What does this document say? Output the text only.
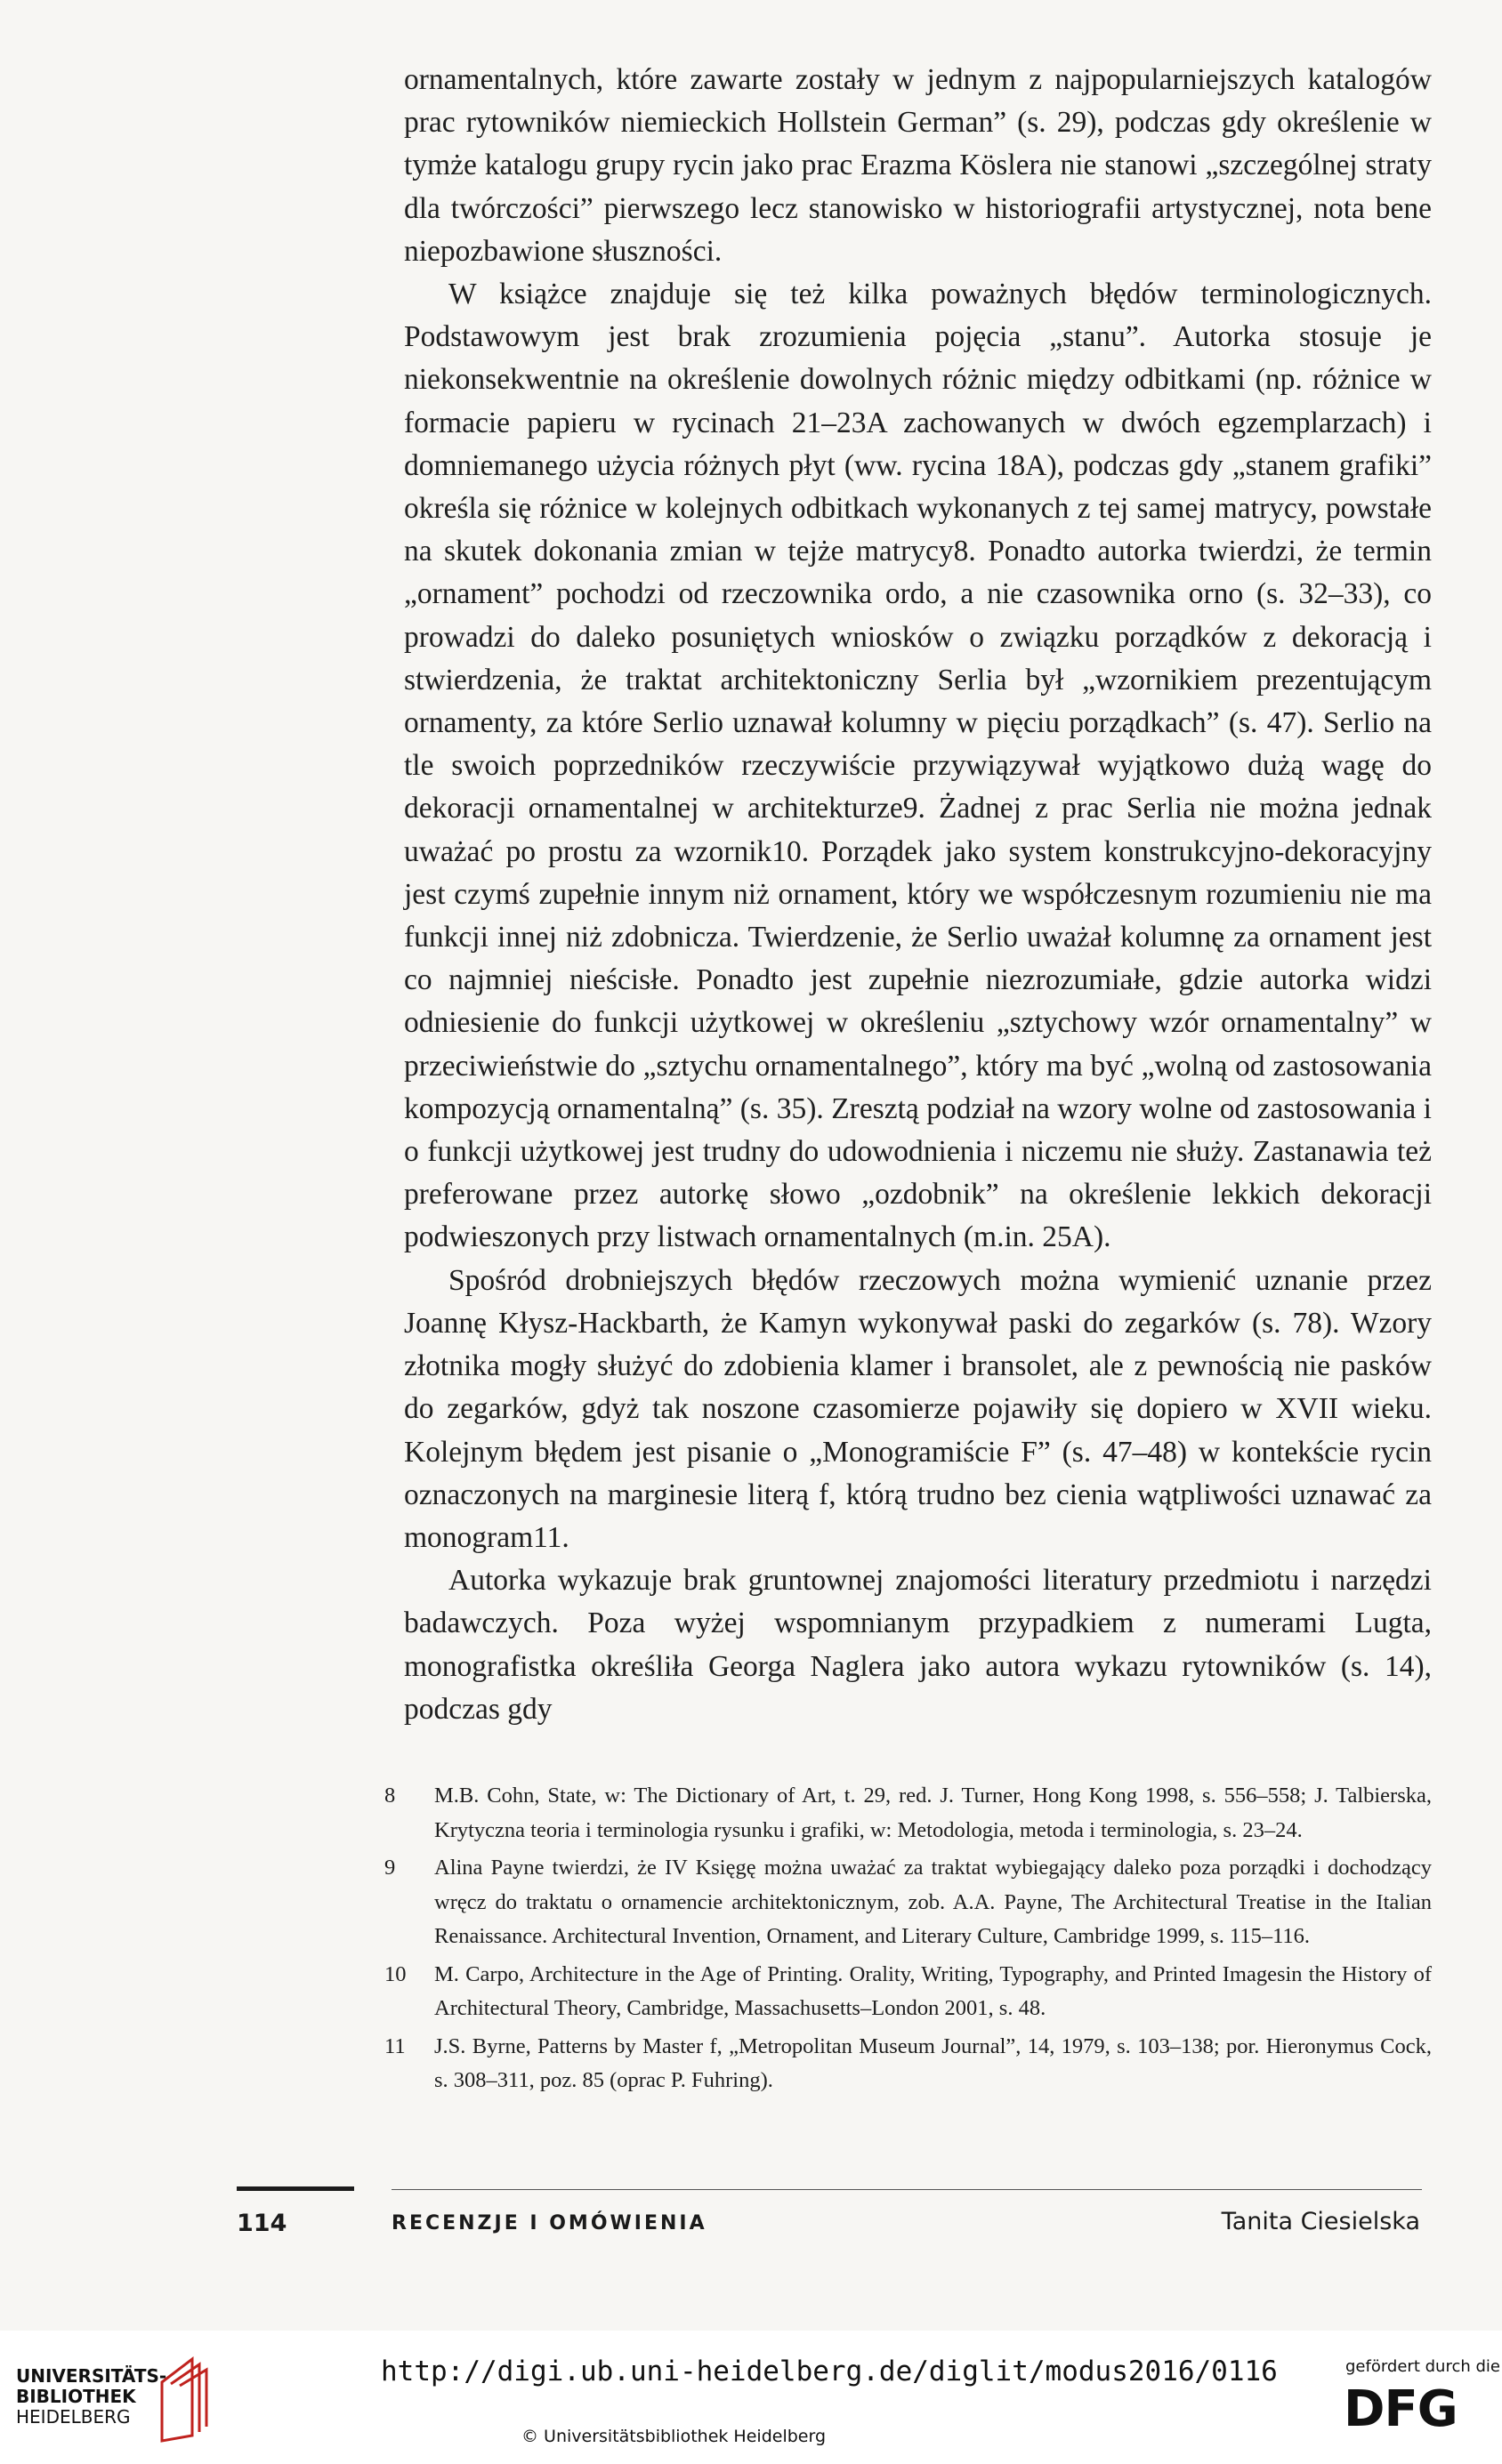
ornamentalnych, które zawarte zostały w jednym z najpopularniejszych katalogów prac rytowników niemieckich Hollstein German” (s. 29), podczas gdy określenie w tymże katalogu grupy rycin jako prac Erazma Köslera nie stanowi „szczególnej straty dla twórczości” pierwszego lecz stanowisko w historiografii artystycznej, nota bene niepozbawione słuszności.

W książce znajduje się też kilka poważnych błędów terminologicznych. Podstawowym jest brak zrozumienia pojęcia „stanu”. Autorka stosuje je niekonsekwentnie na określenie dowolnych różnic między odbitkami (np. różnice w formacie papieru w rycinach 21–23A zachowanych w dwóch egzemplarzach) i domniemanego użycia różnych płyt (ww. rycina 18A), podczas gdy „stanem grafiki” określa się różnice w kolejnych odbitkach wykonanych z tej samej matrycy, powstałe na skutek dokonania zmian w tejże matrycy8. Ponadto autorka twierdzi, że termin „ornament” pochodzi od rzeczownika ordo, a nie czasownika orno (s. 32–33), co prowadzi do daleko posuniętych wniosków o związku porządków z dekoracją i stwierdzenia, że traktat architektoniczny Serlia był „wzornikiem prezentującym ornamenty, za które Serlio uznawał kolumny w pięciu porządkach” (s. 47). Serlio na tle swoich poprzedników rzeczywiście przywiązywał wyjątkowo dużą wagę do dekoracji ornamentalnej w architekturze9. Żadnej z prac Serlia nie można jednak uważać po prostu za wzornik10. Porządek jako system konstrukcyjno-dekoracyjny jest czymś zupełnie innym niż ornament, który we współczesnym rozumieniu nie ma funkcji innej niż zdobnicza. Twierdzenie, że Serlio uważał kolumnę za ornament jest co najmniej nieścisłe. Ponadto jest zupełnie niezrozumiałe, gdzie autorka widzi odniesienie do funkcji użytkowej w określeniu „sztychowy wzór ornamentalny” w przeciwieństwie do „sztychu ornamentalnego”, który ma być „wolną od zastosowania kompozycją ornamentalną” (s. 35). Zresztą podział na wzory wolne od zastosowania i o funkcji użytkowej jest trudny do udowodnienia i niczemu nie służy. Zastanawia też preferowane przez autorkę słowo „ozdobnik” na określenie lekkich dekoracji podwieszonych przy listwach ornamentalnych (m.in. 25A).

Spośród drobniejszych błędów rzeczowych można wymienić uznanie przez Joannę Kłysz-Hackbarth, że Kamyn wykonywał paski do zegarków (s. 78). Wzory złotnika mogły służyć do zdobienia klamer i bransolet, ale z pewnością nie pasków do zegarków, gdyż tak noszone czasomierze pojawiły się dopiero w XVII wieku. Kolejnym błędem jest pisanie o „Monogramiście F” (s. 47–48) w kontekście rycin oznaczonych na marginesie literą f, którą trudno bez cienia wątpliwości uznawać za monogram11.

Autorka wykazuje brak gruntownej znajomości literatury przedmiotu i narzędzi badawczych. Poza wyżej wspomnianym przypadkiem z numerami Lugta, monografistka określiła Georga Naglera jako autora wykazu rytowników (s. 14), podczas gdy

8 M.B. Cohn, State, w: The Dictionary of Art, t. 29, red. J. Turner, Hong Kong 1998, s. 556–558; J. Talbierska, Krytyczna teoria i terminologia rysunku i grafiki, w: Metodologia, metoda i terminologia, s. 23–24.
9 Alina Payne twierdzi, że IV Księgę można uważać za traktat wybiegający daleko poza porządki i dochodzący wręcz do traktatu o ornamencie architektonicznym, zob. A.A. Payne, The Architectural Treatise in the Italian Renaissance. Architectural Invention, Ornament, and Literary Culture, Cambridge 1999, s. 115–116.
10 M. Carpo, Architecture in the Age of Printing. Orality, Writing, Typography, and Printed Imagesin the History of Architectural Theory, Cambridge, Massachusetts–London 2001, s. 48.
11 J.S. Byrne, Patterns by Master f, „Metropolitan Museum Journal”, 14, 1979, s. 103–138; por. Hieronymus Cock, s. 308–311, poz. 85 (oprac P. Fuhring).
114	RECENZJE I OMÓWIENIA	Tanita Ciesielska
UNIVERSITÄTS-
BIBLIOTHEK
HEIDELBERG
http://digi.ub.uni-heidelberg.de/diglit/modus2016/0116
© Universitätsbibliothek Heidelberg
gefördert durch die
DFG
